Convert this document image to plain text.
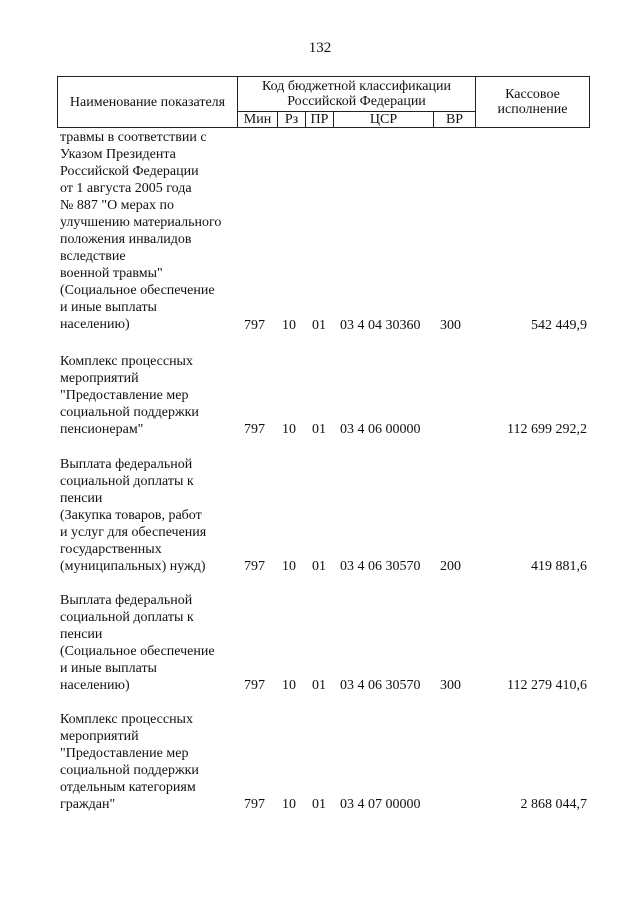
132
Наименование показателя
Код бюджетной классификации Российской Федерации
Мин Рз ПР	ЦСР	ВР
Кассовое исполнение
травмы в соответствии с
Указом Президента
Российской Федерации
от 1 августа 2005 года
№ 887 "О мерах по
улучшению материального
положения инвалидов
вследствие
военной травмы"
(Социальное обеспечение
и иные выплаты
населению)	797 10 01 03 4 04 30360 300	542 449,9
Комплекс процессных
мероприятий
"Предоставление мер
социальной поддержки
пенсионерам"	797 10 01 03 4 06 00000	112 699 292,2
Выплата федеральной
социальной доплаты к
пенсии
(Закупка товаров, работ
и услуг для обеспечения
государственных
(муниципальных) нужд)	797 10 01 03 4 06 30570 200	419 881,6
Выплата федеральной
социальной доплаты к
пенсии
(Социальное обеспечение
и иные выплаты
населению)	797 10 01 03 4 06 30570 300	112 279 410,6
Комплекс процессных
мероприятий
"Предоставление мер
социальной поддержки
отдельным категориям
граждан"	797 10 01 03 4 07 00000	2 868 044,7
